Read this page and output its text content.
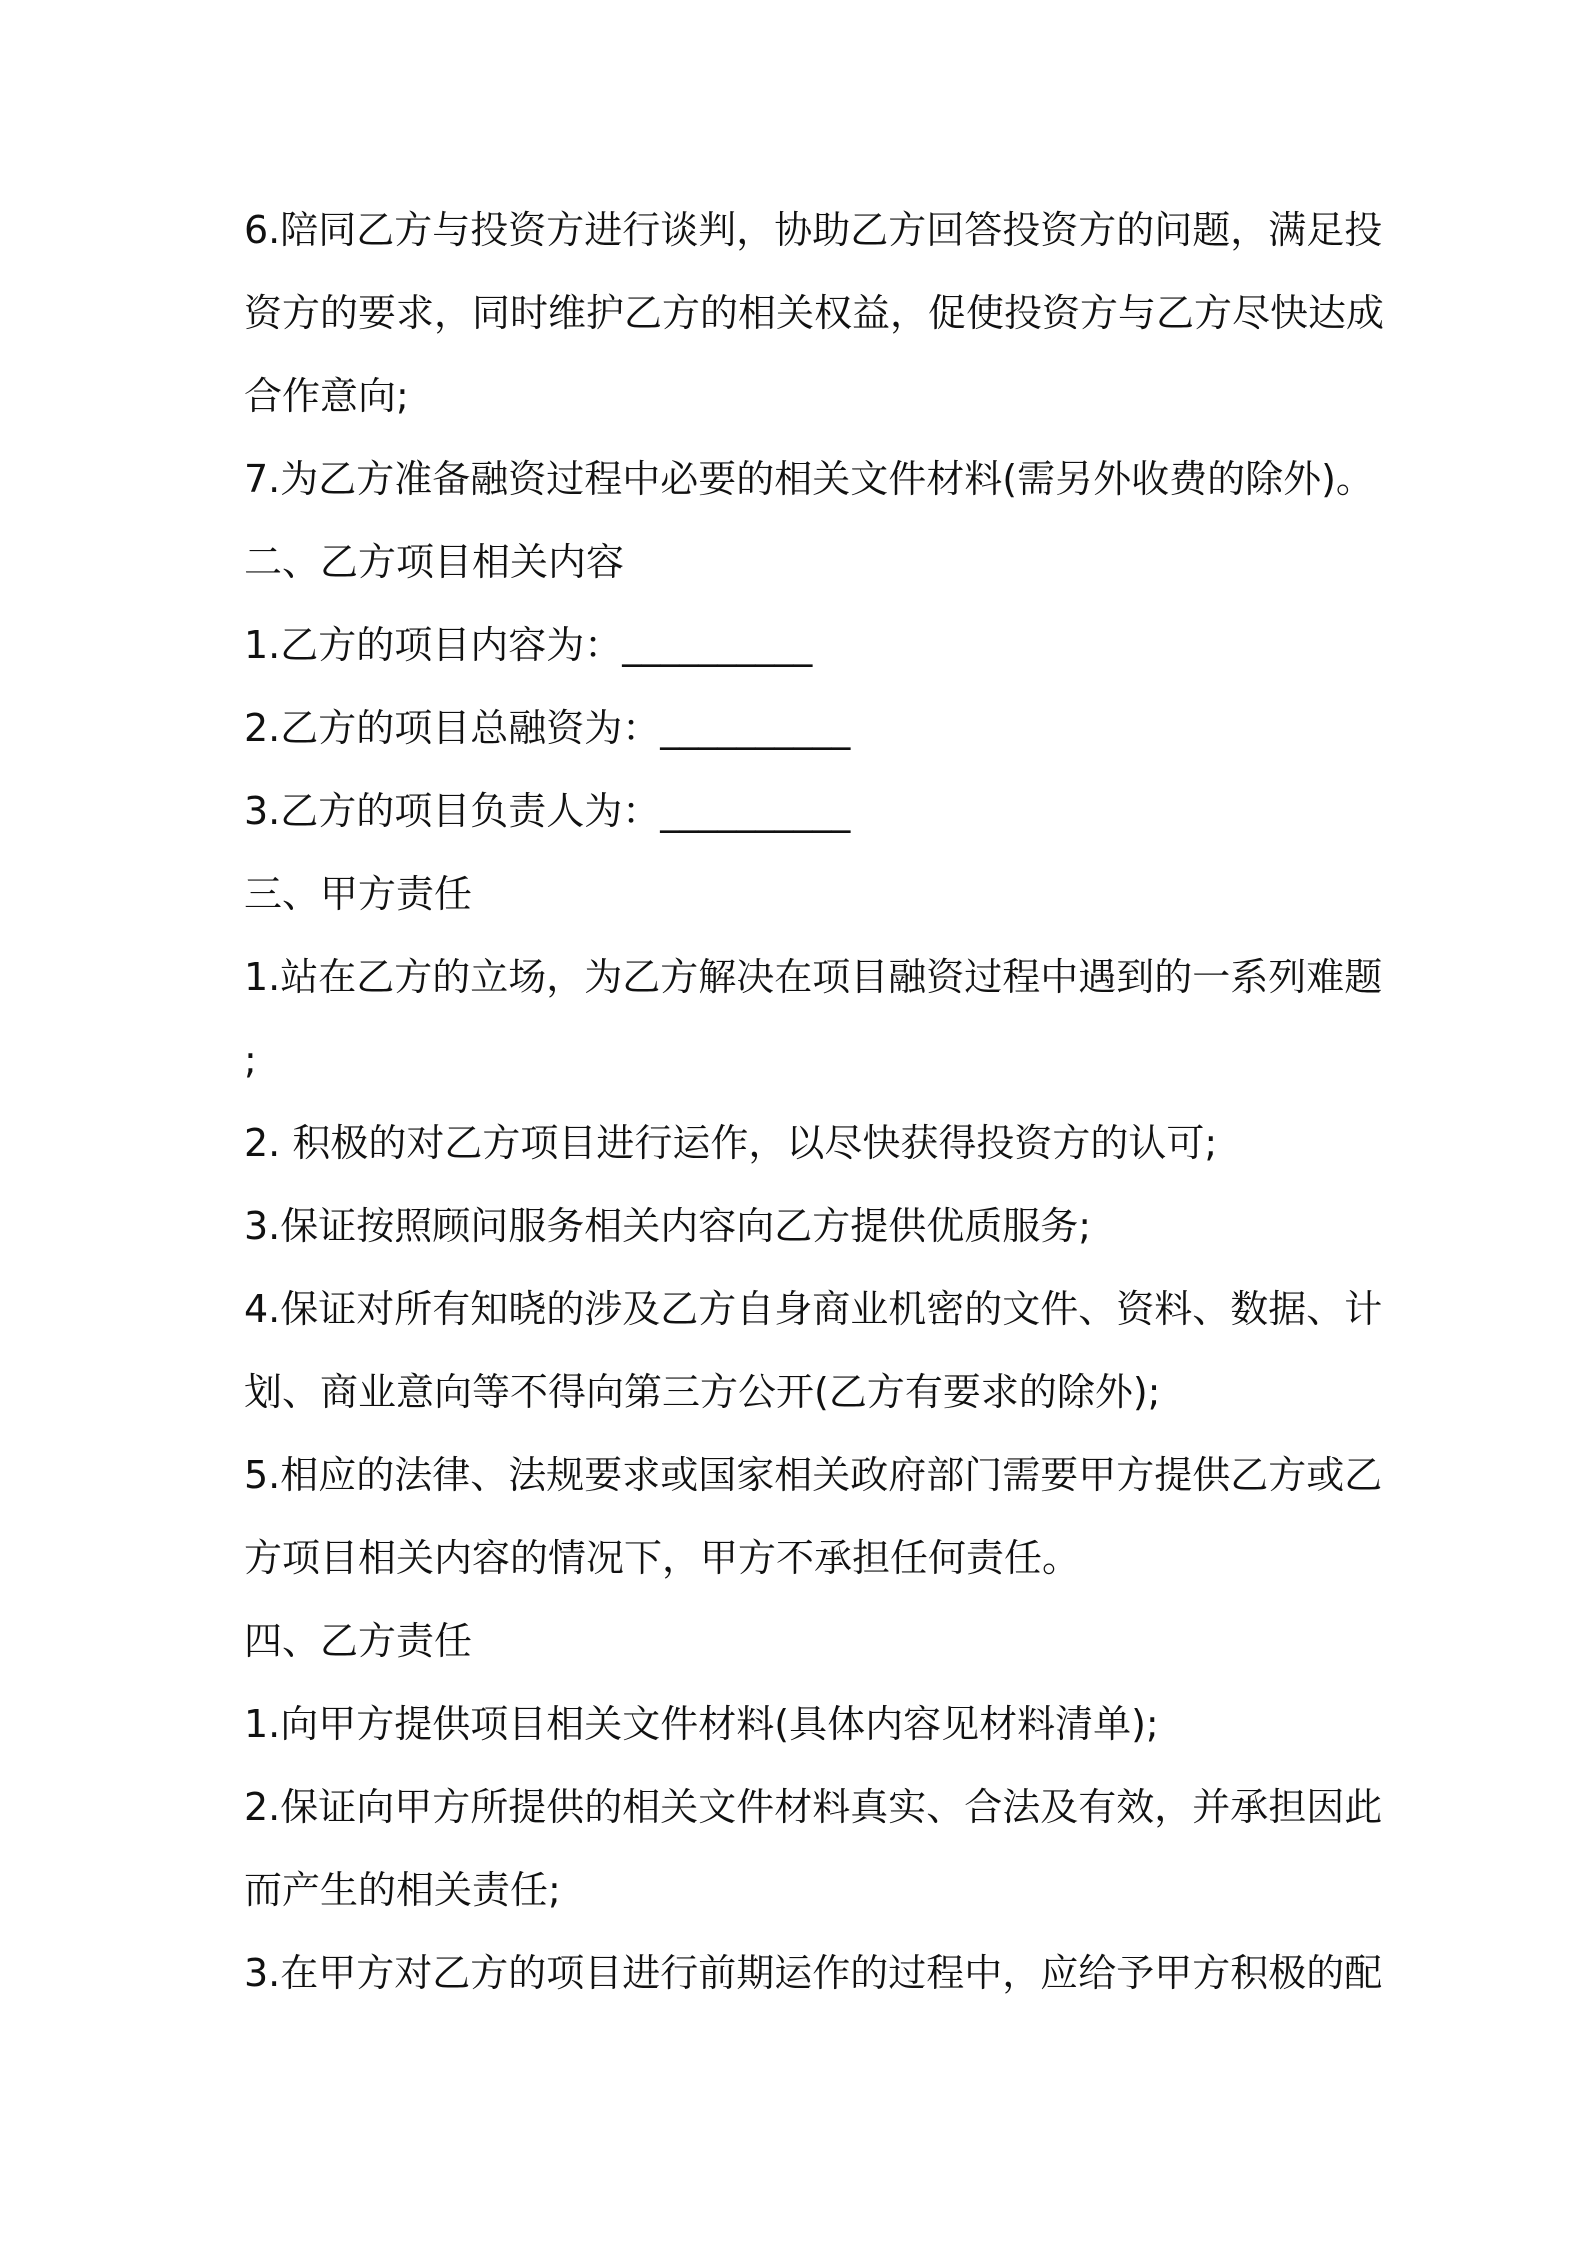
6.陪同乙方与投资方进行谈判，协助乙方回答投资方的问题，满足投
资方的要求，同时维护乙方的相关权益，促使投资方与乙方尽快达成
合作意向;
7.为乙方准备融资过程中必要的相关文件材料(需另外收费的除外)。
二、乙方项目相关内容
1.乙方的项目内容为：__________
2.乙方的项目总融资为：__________
3.乙方的项目负责人为：__________
三、甲方责任
1.站在乙方的立场，为乙方解决在项目融资过程中遇到的一系列难题
;
2. 积极的对乙方项目进行运作，以尽快获得投资方的认可;
3.保证按照顾问服务相关内容向乙方提供优质服务;
4.保证对所有知晓的涉及乙方自身商业机密的文件、资料、数据、计
划、商业意向等不得向第三方公开(乙方有要求的除外);
5.相应的法律、法规要求或国家相关政府部门需要甲方提供乙方或乙
方项目相关内容的情况下，甲方不承担任何责任。
四、乙方责任
1.向甲方提供项目相关文件材料(具体内容见材料清单);
2.保证向甲方所提供的相关文件材料真实、合法及有效，并承担因此
而产生的相关责任;
3.在甲方对乙方的项目进行前期运作的过程中，应给予甲方积极的配
